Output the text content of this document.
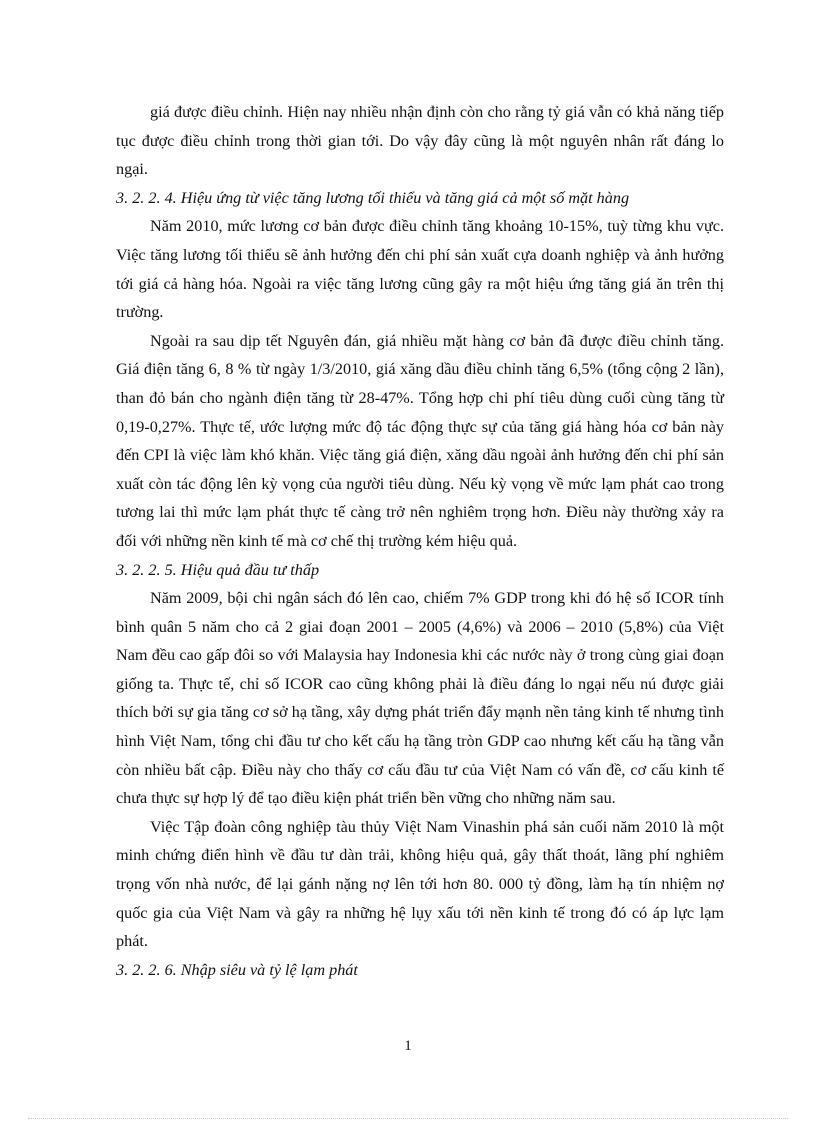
giá được điều chỉnh. Hiện nay nhiều nhận định còn cho rằng tỷ giá vẫn có khả năng tiếp tục được điều chỉnh trong thời gian tới. Do vậy đây cũng là một nguyên nhân rất đáng lo ngại.

3. 2. 2. 4. Hiệu ứng từ việc tăng lương tối thiểu và tăng giá cả một số mặt hàng

Năm 2010, mức lương cơ bản được điều chỉnh tăng khoảng 10-15%, tuỳ từng khu vực. Việc tăng lương tối thiểu sẽ ảnh hưởng đến chi phí sản xuất cựa doanh nghiệp và ảnh hưởng tới giá cả hàng hóa. Ngoài ra việc tăng lương cũng gây ra một hiệu ứng tăng giá ăn trên thị trường.

Ngoài ra sau dịp tết Nguyên đán, giá nhiều mặt hàng cơ bản đã được điều chỉnh tăng. Giá điện tăng 6, 8 % từ ngày 1/3/2010, giá xăng dầu điều chỉnh tăng 6,5% (tổng cộng 2 lần), than đỏ bán cho ngành điện tăng từ 28-47%. Tổng hợp chi phí tiêu dùng cuối cùng tăng từ 0,19-0,27%. Thực tế, ước lượng mức độ tác động thực sự của tăng giá hàng hóa cơ bản này đến CPI là việc làm khó khăn. Việc tăng giá điện, xăng dầu ngoài ảnh hưởng đến chi phí sản xuất còn tác động lên kỳ vọng của người tiêu dùng. Nếu kỳ vọng về mức lạm phát cao trong tương lai thì mức lạm phát thực tế càng trở nên nghiêm trọng hơn. Điều này thường xảy ra đối với những nền kinh tế mà cơ chế thị trường kém hiệu quả.

3. 2. 2. 5. Hiệu quả đầu tư thấp

Năm 2009, bội chi ngân sách đó lên cao, chiếm 7% GDP trong khi đó hệ số ICOR tính bình quân 5 năm cho cả 2 giai đoạn 2001 – 2005 (4,6%) và 2006 – 2010 (5,8%) của Việt Nam đều cao gấp đôi so với Malaysia hay Indonesia khi các nước này ở trong cùng giai đoạn giống ta. Thực tế, chỉ số ICOR cao cũng không phải là điều đáng lo ngại nếu nú được giải thích bởi sự gia tăng cơ sở hạ tầng, xây dựng phát triển đẩy mạnh nền tảng kinh tế nhưng tình hình Việt Nam, tổng chi đầu tư cho kết cấu hạ tầng tròn GDP cao nhưng kết cấu hạ tầng vẫn còn nhiều bất cập. Điều này cho thấy cơ cấu đầu tư của Việt Nam có vấn đề, cơ cấu kinh tế chưa thực sự hợp lý để tạo điều kiện phát triển bền vững cho những năm sau.

Việc Tập đoàn công nghiệp tàu thủy Việt Nam Vinashin phá sản cuối năm 2010 là một minh chứng điển hình về đầu tư dàn trải, không hiệu quả, gây thất thoát, lãng phí nghiêm trọng vốn nhà nước, để lại gánh nặng nợ lên tới hơn 80. 000 tỷ đồng, làm hạ tín nhiệm nợ quốc gia của Việt Nam và gây ra những hệ lụy xấu tới nền kinh tế trong đó có áp lực lạm phát.

3. 2. 2. 6. Nhập siêu và tỷ lệ lạm phát

1
